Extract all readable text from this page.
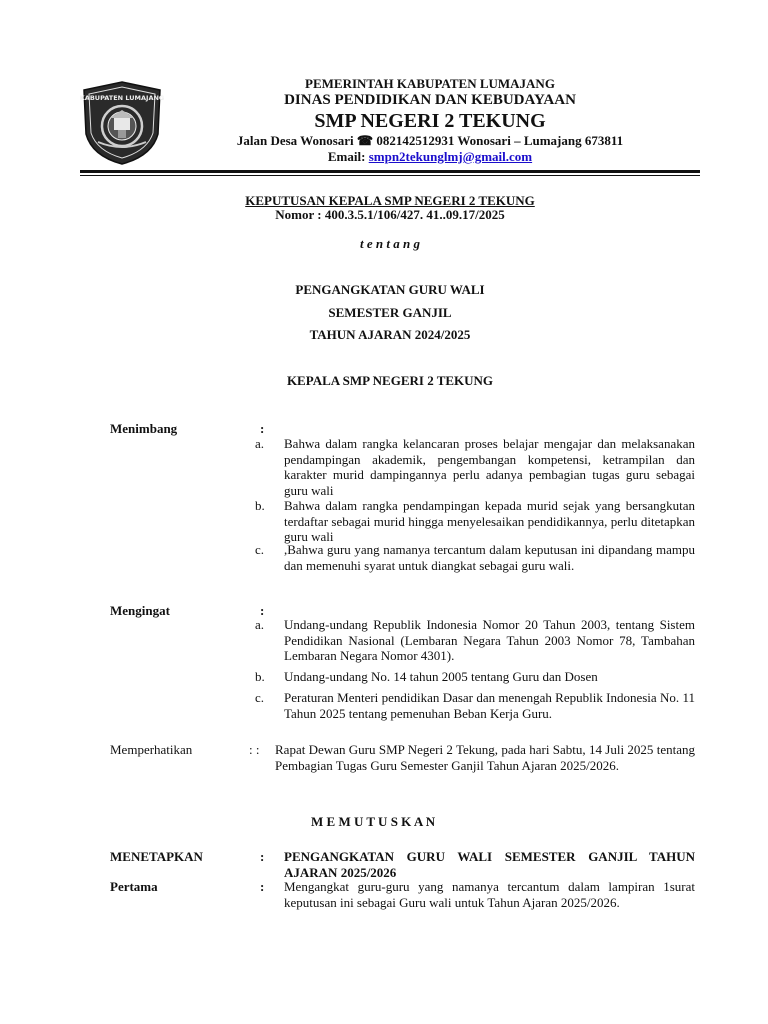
KABUPATEN LUMAJANG
PEMERINTAH KABUPATEN LUMAJANG
DINAS PENDIDIKAN DAN KEBUDAYAAN
SMP NEGERI 2 TEKUNG
Jalan Desa Wonosari ☎ 082142512931 Wonosari – Lumajang 673811
Email: smpn2tekunglmj@gmail.com
KEPUTUSAN KEPALA SMP NEGERI 2 TEKUNG
Nomor : 400.3.5.1/106/427. 41..09.17/2025
t e n t a n g
PENGANGKATAN GURU WALI
SEMESTER GANJIL
TAHUN AJARAN 2024/2025
KEPALA SMP NEGERI 2 TEKUNG
Menimbang	:
a. Bahwa dalam rangka kelancaran proses belajar mengajar dan melaksanakan pendampingan akademik, pengembangan kompetensi, ketrampilan dan karakter murid dampingannya perlu adanya pembagian tugas guru sebagai guru wali
b. Bahwa dalam rangka pendampingan kepada murid sejak yang bersangkutan terdaftar sebagai murid hingga menyelesaikan pendidikannya, perlu ditetapkan guru wali
c. ,Bahwa guru yang namanya tercantum dalam keputusan ini dipandang mampu dan memenuhi syarat untuk diangkat sebagai guru wali.
Mengingat	:
a. Undang-undang Republik Indonesia Nomor 20 Tahun 2003, tentang Sistem Pendidikan Nasional (Lembaran Negara Tahun 2003 Nomor 78, Tambahan Lembaran Negara Nomor 4301).
b. Undang-undang No. 14 tahun 2005 tentang Guru dan Dosen
c. Peraturan Menteri pendidikan Dasar dan menengah Republik Indonesia No. 11 Tahun 2025 tentang pemenuhan Beban Kerja Guru.
Memperhatikan	: : Rapat Dewan Guru SMP Negeri 2 Tekung, pada hari Sabtu, 14 Juli 2025 tentang Pembagian Tugas Guru Semester Ganjil Tahun Ajaran 2025/2026.
M E M U T U S K A N
MENETAPKAN	: PENGANGKATAN GURU WALI SEMESTER GANJIL TAHUN AJARAN 2025/2026
Pertama	: Mengangkat guru-guru yang namanya tercantum dalam lampiran 1surat keputusan ini sebagai Guru wali untuk Tahun Ajaran 2025/2026.
